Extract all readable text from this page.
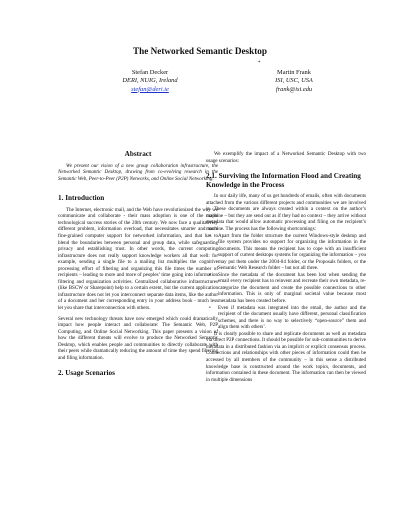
The Networked Semantic Desktop
*
Stefan Decker
DERI, NUIG, Ireland
stefan@deri.ie
Martin Frank
ISI, USC, USA
frank@isi.edu
Abstract

We present our vision of a new group collaboration infrastructure, the Networked Semantic Desktop, drawing from co-evolving research in the Semantic Web, Peer-to-Peer (P2P) Networks, and Online Social Networking.

1. Introduction

The Internet, electronic mail, and the Web have revolutionized the way we communicate and collaborate - their mass adoption is one of the major technological success stories of the 20th century. We now face a qualitatively different problem, information overload, that necessitates smarter and more fine-grained computer support for networked information, and that has to blend the boundaries between personal and group data, while safeguarding privacy and establishing trust. In other words, the current computing infrastructure does not really support knowledge workers all that well: for example, sending a single file to a mailing list multiplies the cognitive processing effort of filtering and organizing this file times the number of recipients – leading to more and more of peoples’ time going into information filtering and organization activities. Centralized collaborative infrastructures (like BSCW or Sharepoint) help to a certain extent, but the current application infrastructure does not let you interconnect separate data items, like the author of a document and her corresponding entry in your address book - much less let you share that interconnection with others.

Several new technology threats have now emerged which could dramatically impact how people interact and collaborate: The Semantic Web, P2P Computing, and Online Social Networking. This paper presents a vision of how the different threats will evolve to produce the Networked Semantic Desktop, which enables people and communities to directly collaborate with their peers while dramatically reducing the amount of time they spend filtering and filing information.

2. Usage Scenarios

We exemplify the impact of a Networked Semantic Desktop with two usage scenarios:

2.1. Surviving the Information Flood and Creating Knowledge in the Process

In our daily life, many of us get hundreds of emails, often with documents attached from the various different projects and communities we are involved in. These documents are always created within a context on the author’s machine – but they are send out as if they had no context – they arrive without metadata that would allow automatic processing and filing on the recipient’s machine. The process has the following shortcomings:

• Apart from the folder structure the current Windows-style desktop and file system provides no support for organizing the information in the documents. This means the recipient has to cope with an insufficient support of current desktops systems for organizing the information – you may put them under the 2004-04 folder, or the Proposals folders, or the Semantic Web Research folder – but not all three.
• Since the metadata of the document has been lost when sending the email every recipient has to reinvent and recreate their own metadata, re-categorize the document and create the possible connections to other information. This is only of marginal societal value because most metadata has been created before.
• Even if metadata was integrated into the email, the author and the recipient of the document usually have different, personal classification schemes, and there is no way to selectively “open-source” them and align them with others’.

It is clearly possible to share and replicate documents as well as metadata via direct P2P connections. It should be possible for sub-communities to derive metadata in a distributed fashion via an implicit or explicit consensus process. Connections and relationships with other pieces of information could then be accessed by all members of the community – in this sense a distributed knowledge base is constructed around the work topics, documents, and information contained in these document. The information can then be viewed in multiple dimensions
